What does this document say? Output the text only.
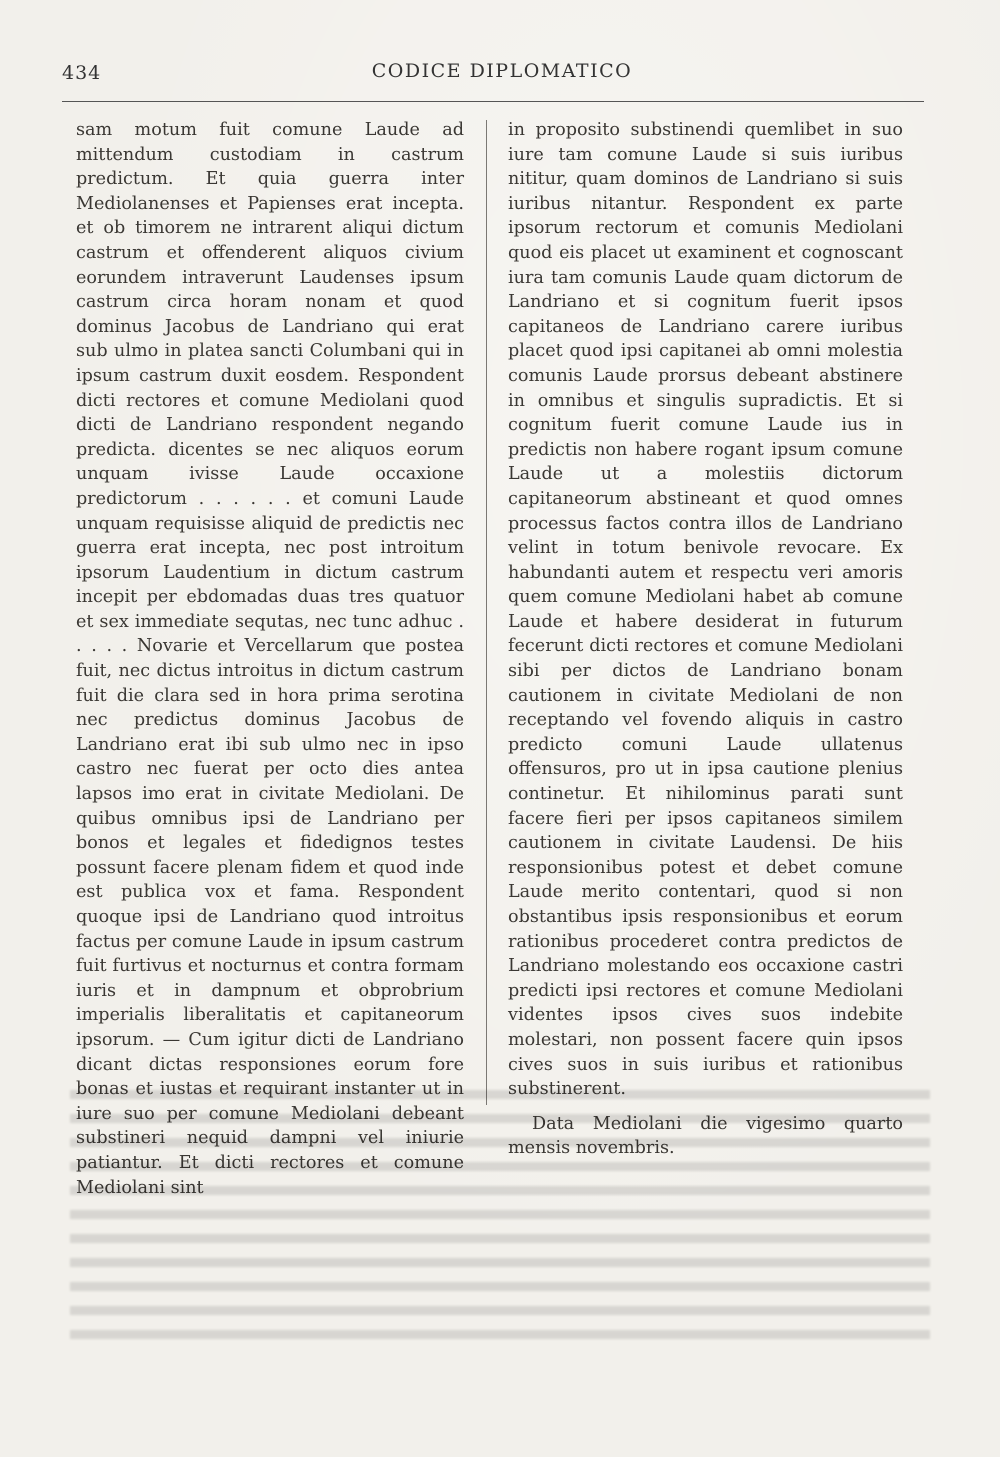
434	CODICE DIPLOMATICO

sam motum fuit comune Laude ad mittendum custodiam in castrum predictum. Et quia guerra inter Mediolanenses et Papienses erat incepta. et ob timorem ne intrarent aliqui dictum castrum et offenderent aliquos civium eorundem intraverunt Laudenses ipsum castrum circa horam nonam et quod dominus Jacobus de Landriano qui erat sub ulmo in platea sancti Columbani qui in ipsum castrum duxit eosdem. Respondent dicti rectores et comune Mediolani quod dicti de Landriano respondent negando predicta. dicentes se nec aliquos eorum unquam ivisse Laude occaxione predictorum . . . . . . et comuni Laude unquam requisisse aliquid de predictis nec guerra erat incepta, nec post introitum ipsorum Laudentium in dictum castrum incepit per ebdomadas duas tres quatuor et sex immediate sequtas, nec tunc adhuc . . . . . Novarie et Vercellarum que postea fuit, nec dictus introitus in dictum castrum fuit die clara sed in hora prima serotina nec predictus dominus Jacobus de Landriano erat ibi sub ulmo nec in ipso castro nec fuerat per octo dies antea lapsos imo erat in civitate Mediolani. De quibus omnibus ipsi de Landriano per bonos et legales et fidedignos testes possunt facere plenam fidem et quod inde est publica vox et fama. Respondent quoque ipsi de Landriano quod introitus factus per comune Laude in ipsum castrum fuit furtivus et nocturnus et contra formam iuris et in dampnum et obprobrium imperialis liberalitatis et capitaneorum ipsorum. — Cum igitur dicti de Landriano dicant dictas responsiones eorum fore bonas et iustas et requirant instanter ut in iure suo per comune Mediolani debeant substineri nequid dampni vel iniurie patiantur. Et dicti rectores et comune Mediolani sint

in proposito substinendi quemlibet in suo iure tam comune Laude si suis iuribus nititur, quam dominos de Landriano si suis iuribus nitantur. Respondent ex parte ipsorum rectorum et comunis Mediolani quod eis placet ut examinent et cognoscant iura tam comunis Laude quam dictorum de Landriano et si cognitum fuerit ipsos capitaneos de Landriano carere iuribus placet quod ipsi capitanei ab omni molestia comunis Laude prorsus debeant abstinere in omnibus et singulis supradictis. Et si cognitum fuerit comune Laude ius in predictis non habere rogant ipsum comune Laude ut a molestiis dictorum capitaneorum abstineant et quod omnes processus factos contra illos de Landriano velint in totum benivole revocare. Ex habundanti autem et respectu veri amoris quem comune Mediolani habet ab comune Laude et habere desiderat in futurum fecerunt dicti rectores et comune Mediolani sibi per dictos de Landriano bonam cautionem in civitate Mediolani de non receptando vel fovendo aliquis in castro predicto comuni Laude ullatenus offensuros, pro ut in ipsa cautione plenius continetur. Et nihilominus parati sunt facere fieri per ipsos capitaneos similem cautionem in civitate Laudensi. De hiis responsionibus potest et debet comune Laude merito contentari, quod si non obstantibus ipsis responsionibus et eorum rationibus procederet contra predictos de Landriano molestando eos occaxione castri predicti ipsi rectores et comune Mediolani videntes ipsos cives suos indebite molestari, non possent facere quin ipsos cives suos in suis iuribus et rationibus substinerent.

Data Mediolani die vigesimo quarto mensis novembris.
